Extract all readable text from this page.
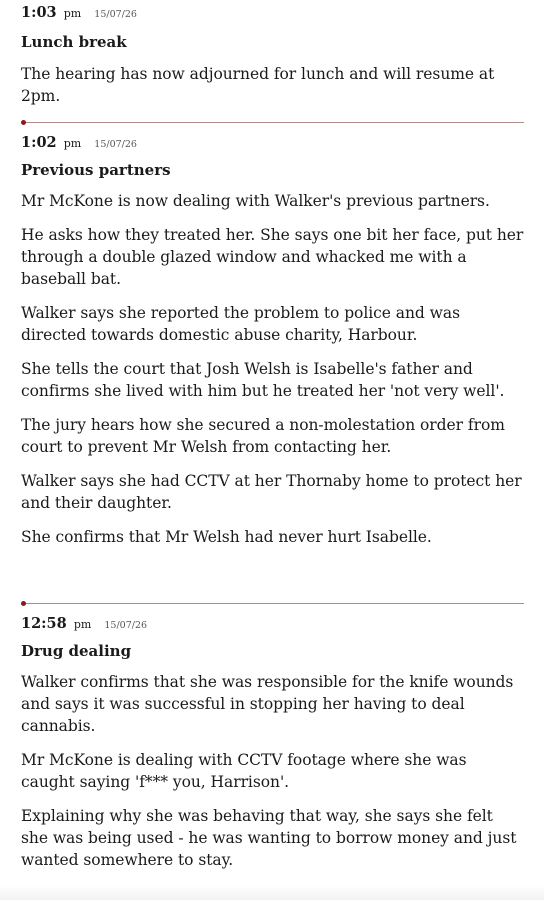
1:03 pm 15/07/26
Lunch break

The hearing has now adjourned for lunch and will resume at 2pm.

1:02 pm 15/07/26
Previous partners

Mr McKone is now dealing with Walker's previous partners.

He asks how they treated her. She says one bit her face, put her through a double glazed window and whacked me with a baseball bat.

Walker says she reported the problem to police and was directed towards domestic abuse charity, Harbour.

She tells the court that Josh Welsh is Isabelle's father and confirms she lived with him but he treated her 'not very well'.

The jury hears how she secured a non-molestation order from court to prevent Mr Welsh from contacting her.

Walker says she had CCTV at her Thornaby home to protect her and their daughter.

She confirms that Mr Welsh had never hurt Isabelle.

12:58 pm 15/07/26
Drug dealing

Walker confirms that she was responsible for the knife wounds and says it was successful in stopping her having to deal cannabis.

Mr McKone is dealing with CCTV footage where she was caught saying 'f*** you, Harrison'.

Explaining why she was behaving that way, she says she felt she was being used - he was wanting to borrow money and just wanted somewhere to stay.
